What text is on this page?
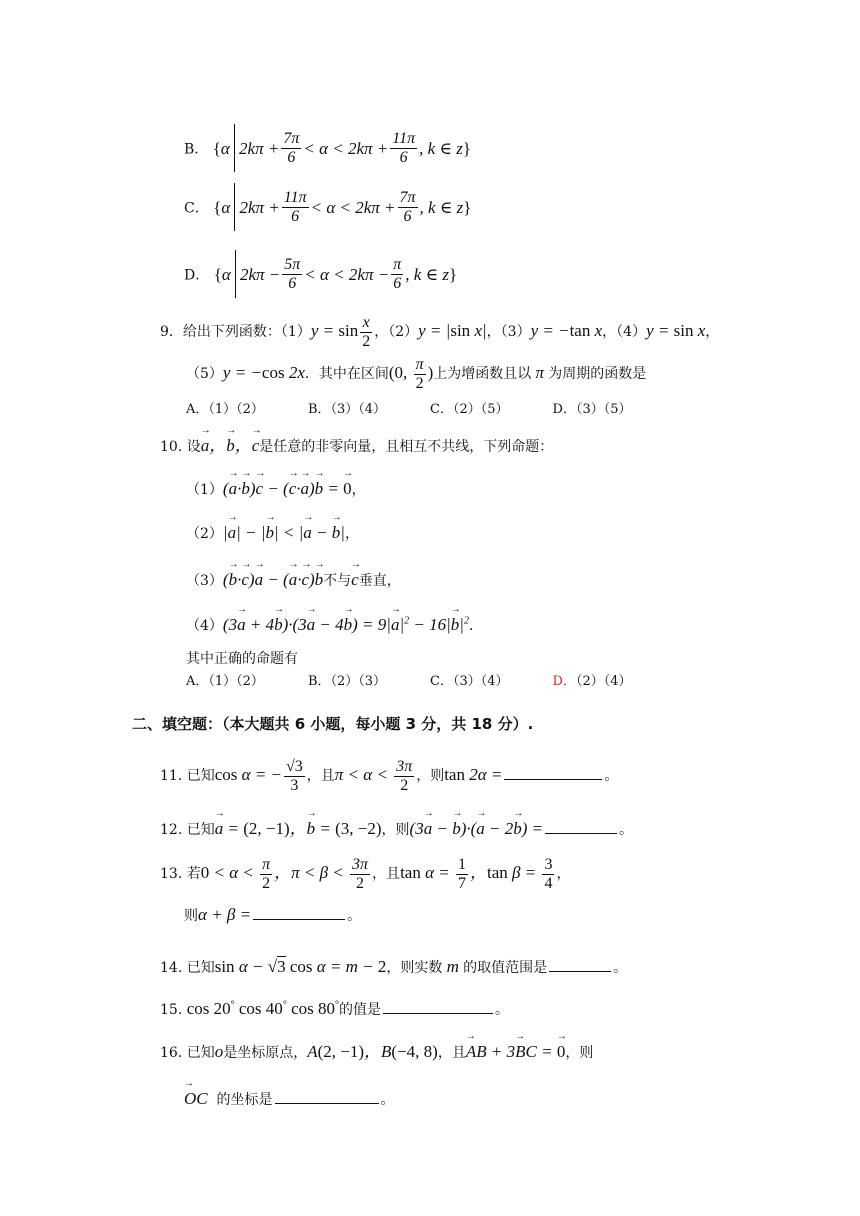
B． { α $2k\pi + \frac{7\pi}{6} < \alpha < 2k\pi + \frac{11\pi}{6}$ , k ∈ z }
C． { α $2k\pi + \frac{11\pi}{6} < \alpha < 2k\pi + \frac{7\pi}{6}$ , k ∈ z }
D． { α $2k\pi - \frac{5\pi}{6} < \alpha < 2k\pi - \frac{\pi}{6}$ , k ∈ z }
9．给出下列函数：$(1)y = \sin \frac{x}{2}$ ，（2）y = |sin x|，（3）y = −tan x，（4）y = sin x，
（5）y = −cos 2x．其中在区间(0, $\frac{\pi}{2}$ )上为增函数且以 π 为周期的函数是
A．（1）（2）	B．（3）（4）	C．（2）（5）	D．（3）（5）
10. 设→ a，→ b，→ c是任意的非零向量，且相互不共线，下列命题：
（1）(→ a·→ b)→ c − (→ c·→ a)→ b = → 0，
（2）|→ a| − |→ b| < |→ a − → b|，
（3）(→ b·→ c)→ a − (→ a·→ c)→ b不与→ c垂直，
$(4)(3\to a + 4\to b)\cdot(3\to a - 4\to b) = 9|\to a|^2 - 16|\to b|^2$．
其中正确的命题有
A．（1）（2）	B．（2）（3）	C．（3）（4）	D．（2）（4）
二、填空题：（本大题共 6 小题，每小题 3 分，共 18 分）.
11. 已知cos α = − $\frac{√3}{3}$ ，且$\pi < \alpha < \frac{3\pi}{2}$ ，则tan 2α =	。
12. 已知→ a = (2, −1)，→ b = (3, −2)，则(3→ a − → b)·(→ a − 2→ b) =	。
13. 若$0 < \alpha < \frac{\pi}{2}$ ，$\pi < \beta < \frac{3\pi}{2}$ ，且$\tan \alpha = \frac{1}{7}$ ，$\tan \beta = \frac{3}{4}$ ，
则α + β =	。
14. 已知sin α − √3 cos α = m − 2，则实数 m 的取值范围是	。
15. cos 20° cos 40° cos 80°的值是	。
16. 已知o是坐标原点，A(2, −1)，B(−4, 8)，且→ AB + 3→ BC = → 0，则
→ OC 的坐标是	。
